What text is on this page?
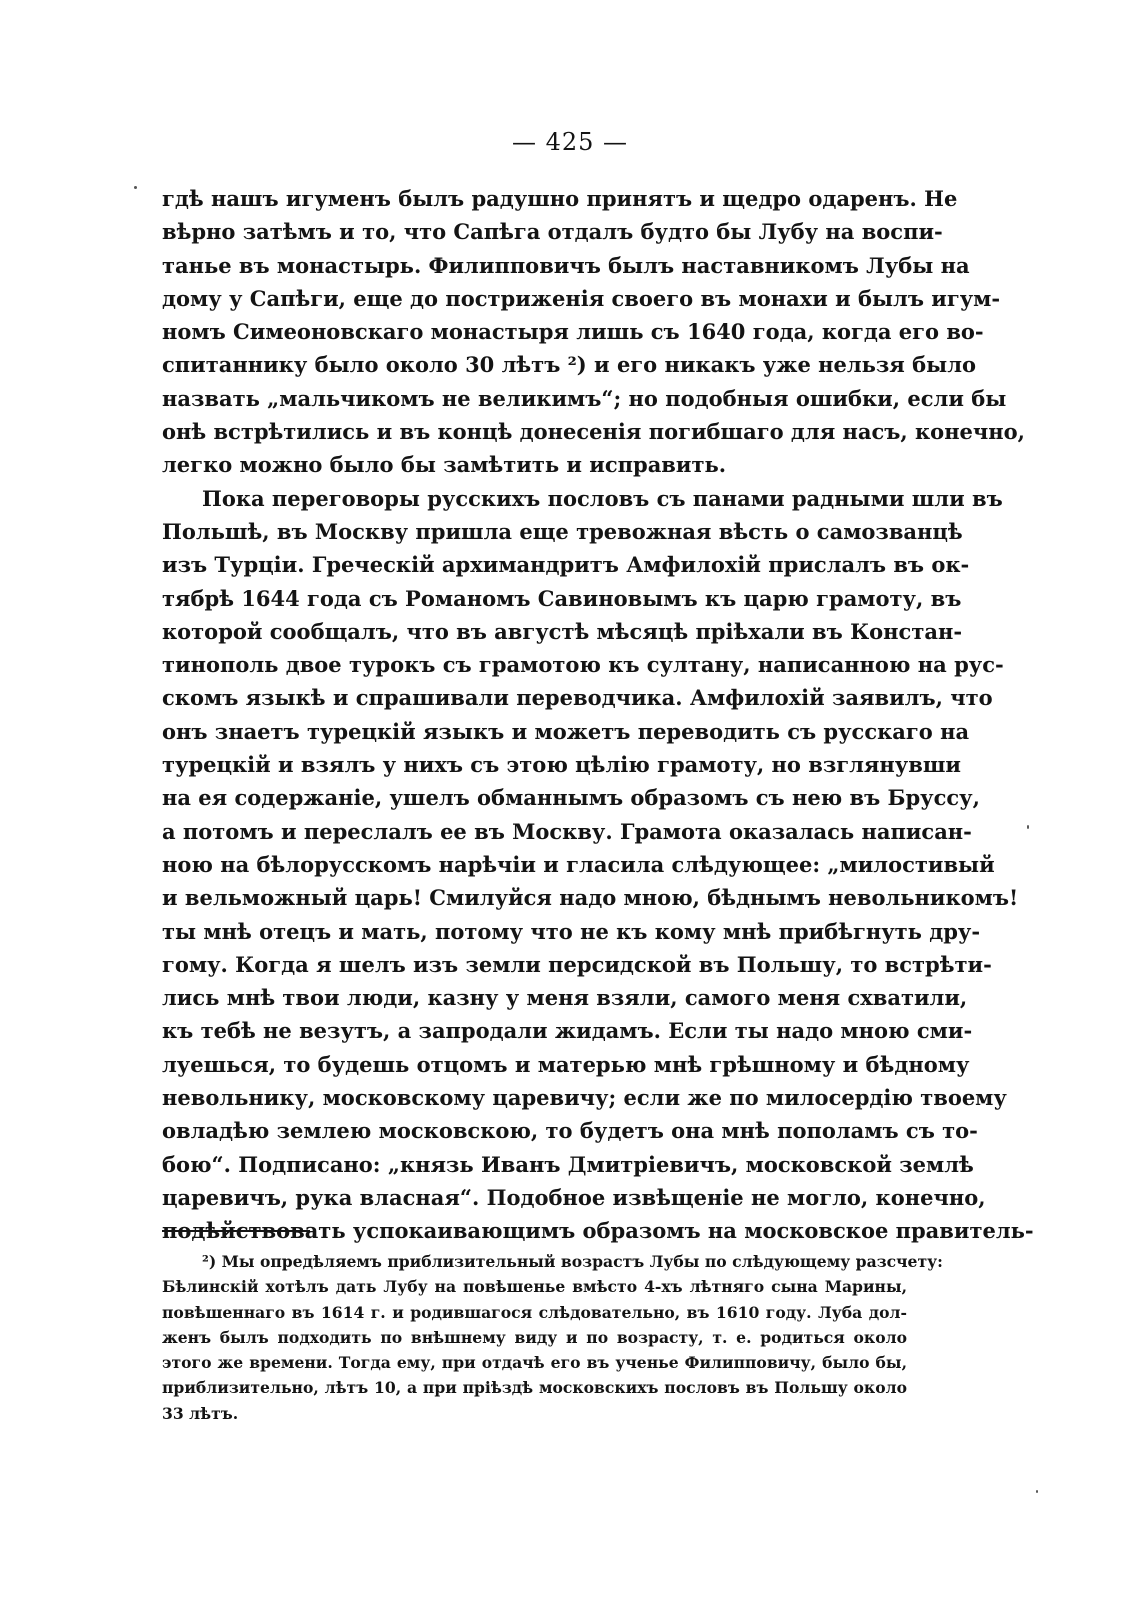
— 425 —
гдѣ нашъ игуменъ былъ радушно принятъ и щедро одаренъ. Не
вѣрно затѣмъ и то, что Сапѣга отдалъ будто бы Лубу на воспи-
танье въ монастырь. Филипповичъ былъ наставникомъ Лубы на
дому у Сапѣги, еще до постриженія своего въ монахи и былъ игум-
номъ Симеоновскаго монастыря лишь съ 1640 года, когда его во-
спитаннику было около 30 лѣтъ ²) и его никакъ уже нельзя было
назвать „мальчикомъ не великимъ“; но подобныя ошибки, если бы
онѣ встрѣтились и въ концѣ донесенія погибшаго для насъ, конечно,
легко можно было бы замѣтить и исправить.
Пока переговоры русскихъ пословъ съ панами радными шли въ
Польшѣ, въ Москву пришла еще тревожная вѣсть о самозванцѣ
изъ Турціи. Греческій архимандритъ Амфилохій прислалъ въ ок-
тябрѣ 1644 года съ Романомъ Савиновымъ къ царю грамоту, въ
которой сообщалъ, что въ августѣ мѣсяцѣ пріѣхали въ Констан-
тинополь двое турокъ съ грамотою къ султану, написанною на рус-
скомъ языкѣ и спрашивали переводчика. Амфилохій заявилъ, что
онъ знаетъ турецкій языкъ и можетъ переводить съ русскаго на
турецкій и взялъ у нихъ съ этою цѣлію грамоту, но взглянувши
на ея содержаніе, ушелъ обманнымъ образомъ съ нею въ Бруссу,
а потомъ и переслалъ ее въ Москву. Грамота оказалась написан-
ною на бѣлорусскомъ нарѣчіи и гласила слѣдующее: „милостивый
и вельможный царь! Смилуйся надо мною, бѣднымъ невольникомъ!
ты мнѣ отецъ и мать, потому что не къ кому мнѣ прибѣгнуть дру-
гому. Когда я шелъ изъ земли персидской въ Польшу, то встрѣти-
лись мнѣ твои люди, казну у меня взяли, самого меня схватили,
къ тебѣ не везутъ, а запродали жидамъ. Если ты надо мною сми-
луешься, то будешь отцомъ и матерью мнѣ грѣшному и бѣдному
невольнику, московскому царевичу; если же по милосердію твоему
овладѣю землею московскою, то будетъ она мнѣ пополамъ съ то-
бою“. Подписано: „князь Иванъ Дмитріевичъ, московской землѣ
царевичъ, рука власная“. Подобное извѣщеніе не могло, конечно,
подѣйствовать успокаивающимъ образомъ на московское правитель-
²) Мы опредѣляемъ приблизительный возрастъ Лубы по слѣдующему разсчету:
Бѣлинскій хотѣлъ дать Лубу на повѣшенье вмѣсто 4-хъ лѣтняго сына Марины,
повѣшеннаго въ 1614 г. и родившагося слѣдовательно, въ 1610 году. Луба дол-
женъ былъ подходить по внѣшнему виду и по возрасту, т. е. родиться около
этого же времени. Тогда ему, при отдачѣ его въ ученье Филипповичу, было бы,
приблизительно, лѣтъ 10, а при пріѣздѣ московскихъ пословъ въ Польшу около
33 лѣтъ.
